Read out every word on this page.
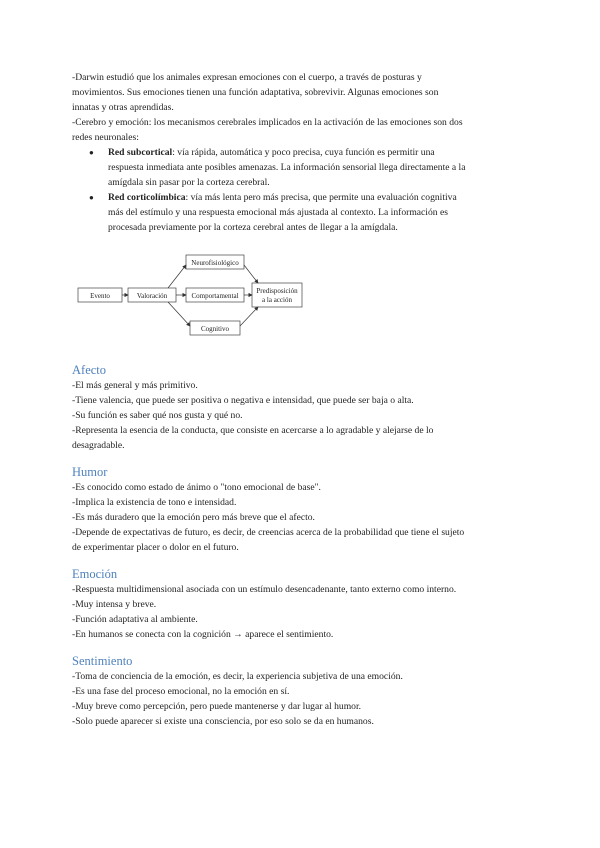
-Darwin estudió que los animales expresan emociones con el cuerpo, a través de posturas y

movimientos. Sus emociones tienen una función adaptativa, sobrevivir. Algunas emociones son

innatas y otras aprendidas.

-Cerebro y emoción: los mecanismos cerebrales implicados en la activación de las emociones son dos

redes neuronales:

● Red subcortical: vía rápida, automática y poco precisa, cuya función es permitir una

respuesta inmediata ante posibles amenazas. La información sensorial llega directamente a la

amígdala sin pasar por la corteza cerebral.

● Red corticolímbica: vía más lenta pero más precisa, que permite una evaluación cognitiva

más del estímulo y una respuesta emocional más ajustada al contexto. La información es

procesada previamente por la corteza cerebral antes de llegar a la amígdala.

Evento	Valoración
Neurofisiológico
Comportamental
Cognitivo
Predisposición
a la acción
Afecto

-El más general y más primitivo.

-Tiene valencia, que puede ser positiva o negativa e intensidad, que puede ser baja o alta.

-Su función es saber qué nos gusta y qué no.

-Representa la esencia de la conducta, que consiste en acercarse a lo agradable y alejarse de lo

desagradable.

Humor

-Es conocido como estado de ánimo o "tono emocional de base".

-Implica la existencia de tono e intensidad.

-Es más duradero que la emoción pero más breve que el afecto.

-Depende de expectativas de futuro, es decir, de creencias acerca de la probabilidad que tiene el sujeto

de experimentar placer o dolor en el futuro.

Emoción

-Respuesta multidimensional asociada con un estímulo desencadenante, tanto externo como interno.

-Muy intensa y breve.

-Función adaptativa al ambiente.

-En humanos se conecta con la cognición → aparece el sentimiento.

Sentimiento

-Toma de conciencia de la emoción, es decir, la experiencia subjetiva de una emoción.

-Es una fase del proceso emocional, no la emoción en sí.

-Muy breve como percepción, pero puede mantenerse y dar lugar al humor.

-Solo puede aparecer si existe una consciencia, por eso solo se da en humanos.
